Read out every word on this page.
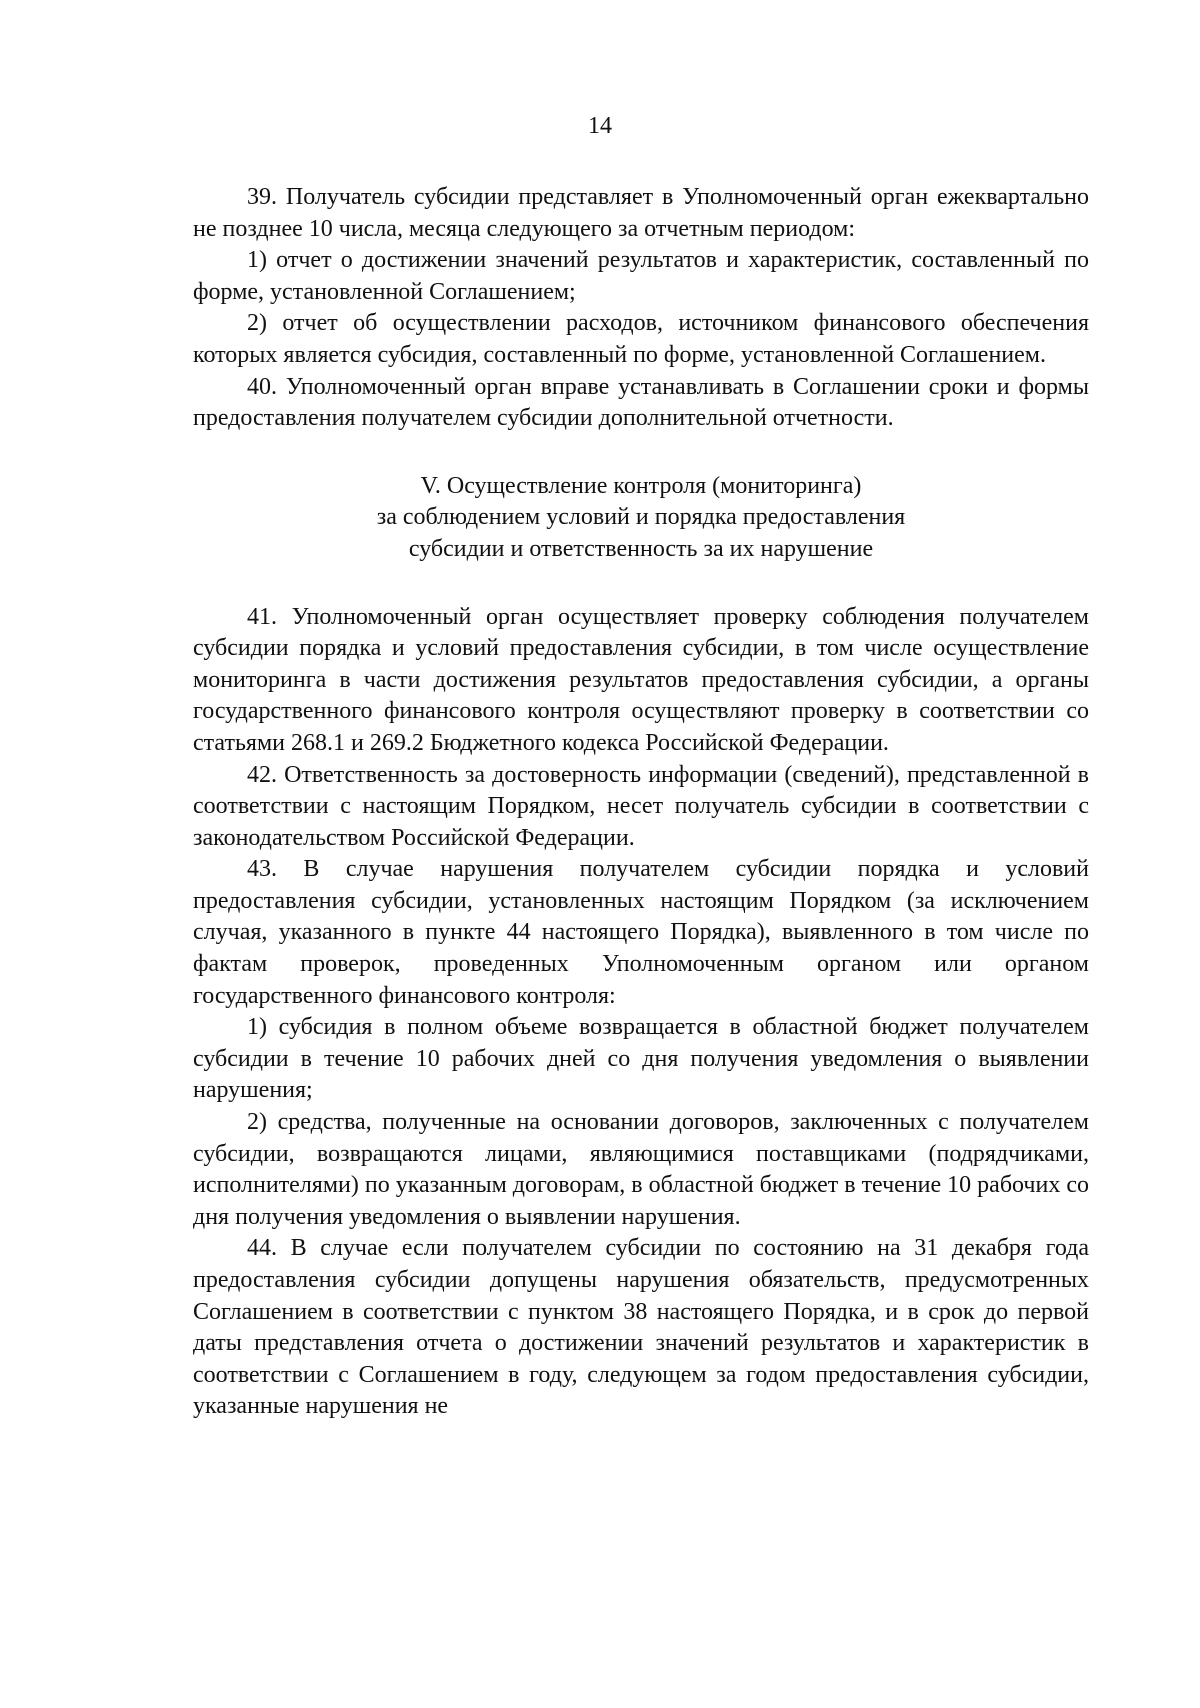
14

39. Получатель субсидии представляет в Уполномоченный орган ежеквартально не позднее 10 числа, месяца следующего за отчетным периодом:

1) отчет о достижении значений результатов и характеристик, составленный по форме, установленной Соглашением;

2) отчет об осуществлении расходов, источником финансового обеспечения которых является субсидия, составленный по форме, установленной Соглашением.

40. Уполномоченный орган вправе устанавливать в Соглашении сроки и формы предоставления получателем субсидии дополнительной отчетности.

V. Осуществление контроля (мониторинга)
за соблюдением условий и порядка предоставления
субсидии и ответственность за их нарушение

41. Уполномоченный орган осуществляет проверку соблюдения получателем субсидии порядка и условий предоставления субсидии, в том числе осуществление мониторинга в части достижения результатов предоставления субсидии, а органы государственного финансового контроля осуществляют проверку в соответствии со статьями 268.1 и 269.2 Бюджетного кодекса Российской Федерации.

42. Ответственность за достоверность информации (сведений), представленной в соответствии с настоящим Порядком, несет получатель субсидии в соответствии с законодательством Российской Федерации.

43. В случае нарушения получателем субсидии порядка и условий предоставления субсидии, установленных настоящим Порядком (за исключением случая, указанного в пункте 44 настоящего Порядка), выявленного в том числе по фактам проверок, проведенных Уполномоченным органом или органом государственного финансового контроля:

1) субсидия в полном объеме возвращается в областной бюджет получателем субсидии в течение 10 рабочих дней со дня получения уведомления о выявлении нарушения;

2) средства, полученные на основании договоров, заключенных с получателем субсидии, возвращаются лицами, являющимися поставщиками (подрядчиками, исполнителями) по указанным договорам, в областной бюджет в течение 10 рабочих со дня получения уведомления о выявлении нарушения.

44. В случае если получателем субсидии по состоянию на 31 декабря года предоставления субсидии допущены нарушения обязательств, предусмотренных Соглашением в соответствии с пунктом 38 настоящего Порядка, и в срок до первой даты представления отчета о достижении значений результатов и характеристик в соответствии с Соглашением в году, следующем за годом предоставления субсидии, указанные нарушения не
